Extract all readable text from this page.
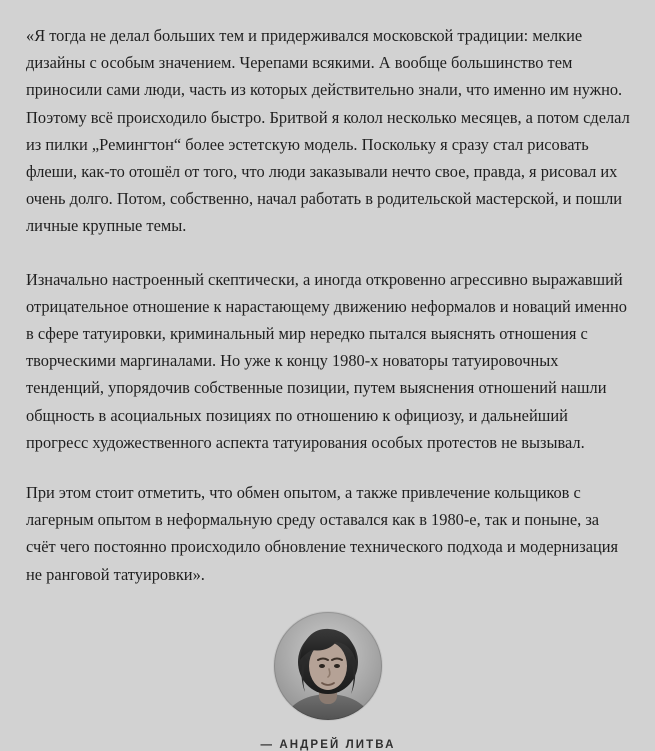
«Я тогда не делал больших тем и придерживался московской традиции: мелкие дизайны с особым значением. Черепами всякими. А вообще большинство тем приносили сами люди, часть из которых действительно знали, что именно им нужно. Поэтому всё происходило быстро. Бритвой я колол несколько месяцев, а потом сделал из пилки „Ремингтон“ более эстетскую модель. Поскольку я сразу стал рисовать флеши, как-то отошёл от того, что люди заказывали нечто свое, правда, я рисовал их очень долго. Потом, собственно, начал работать в родительской мастерской, и пошли личные крупные темы.

Изначально настроенный скептически, а иногда откровенно агрессивно выражавший отрицательное отношение к нарастающему движению неформалов и новаций именно в сфере татуировки, криминальный мир нередко пытался выяснять отношения с творческими маргиналами. Но уже к концу 1980-х новаторы татуировочных тенденций, упорядочив собственные позиции, путем выяснения отношений нашли общность в асоциальных позициях по отношению к официозу, и дальнейший прогресс художественного аспекта татуирования особых протестов не вызывал.

При этом стоит отметить, что обмен опытом, а также привлечение кольщиков с лагерным опытом в неформальную среду оставался как в 1980-е, так и поныне, за счёт чего постоянно происходило обновление технического подхода и модернизация не ранговой татуировки».

— АНДРЕЙ ЛИТВА
